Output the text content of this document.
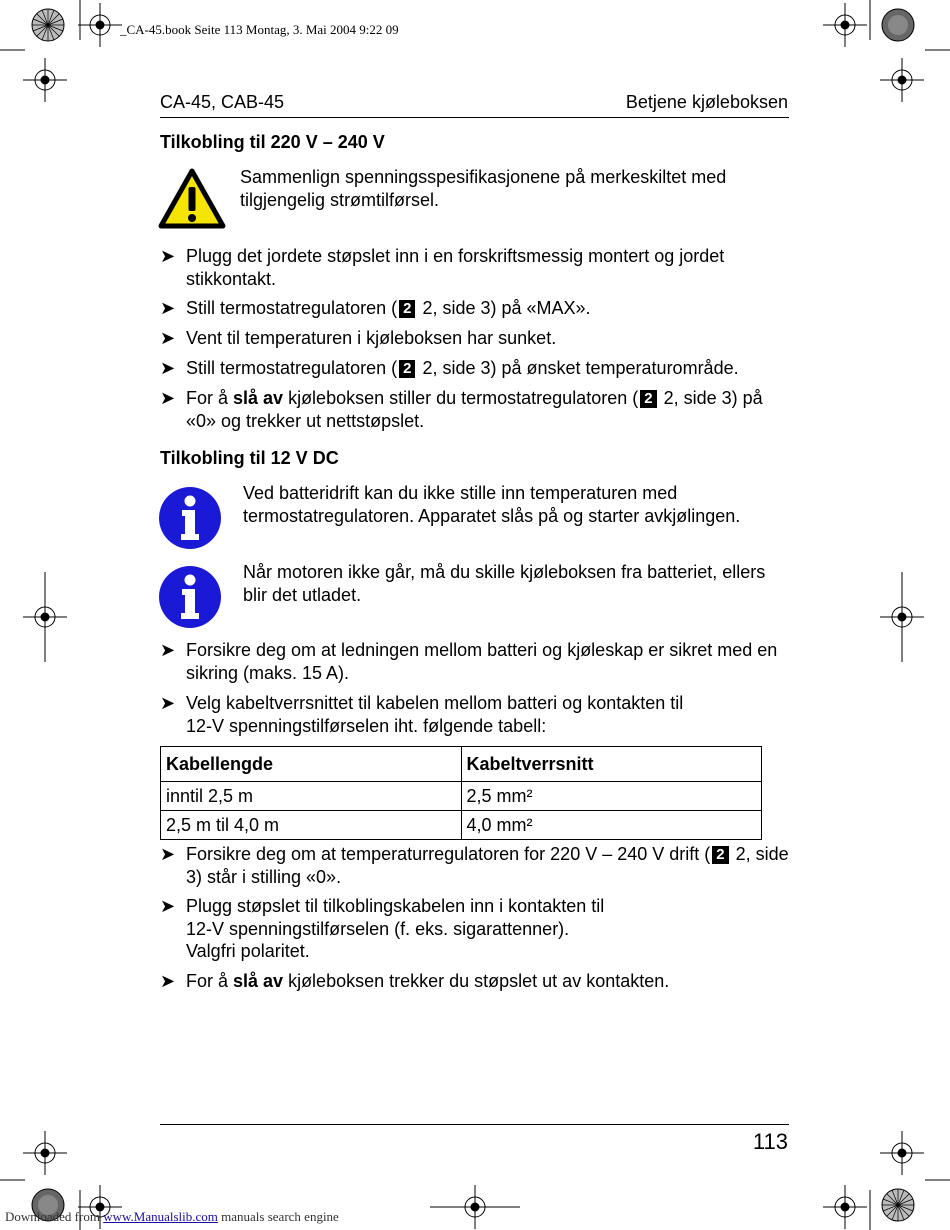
_CA-45.book Seite 113 Montag, 3. Mai 2004 9:22 09
CA-45, CAB-45	Betjene kjøleboksen
Tilkobling til 220 V – 240 V
Sammenlign spenningsspesifikasjonene på merkeskiltet med tilgjengelig strømtilførsel.
➤ Plugg det jordete støpslet inn i en forskriftsmessig montert og jordet stikkontakt.
➤ Still termostatregulatoren ( 2 2, side 3) på «MAX».
➤ Vent til temperaturen i kjøleboksen har sunket.
➤ Still termostatregulatoren ( 2 2, side 3) på ønsket temperaturområde.
➤ For å slå av kjøleboksen stiller du termostatregulatoren ( 2 2, side 3) på «0» og trekker ut nettstøpslet.
Tilkobling til 12 V DC
Ved batteridrift kan du ikke stille inn temperaturen med termostatregulatoren. Apparatet slås på og starter avkjølingen.
Når motoren ikke går, må du skille kjøleboksen fra batteriet, ellers blir det utladet.
➤ Forsikre deg om at ledningen mellom batteri og kjøleskap er sikret med en sikring (maks. 15 A).
➤ Velg kabeltverrsnittet til kabelen mellom batteri og kontakten til
12-V spenningstilførselen iht. følgende tabell:
Kabellengde	Kabeltverrsnitt
inntil 2,5 m	2,5 mm²
2,5 m til 4,0 m	4,0 mm²
➤ Forsikre deg om at temperaturregulatoren for 220 V – 240 V drift ( 2 2, side 3) står i stilling «0».
➤ Plugg støpslet til tilkoblingskabelen inn i kontakten til
12-V spenningstilførselen (f. eks. sigarattenner).
Valgfri polaritet.
➤ For å slå av kjøleboksen trekker du støpslet ut av kontakten.
113
Downloaded from www.Manualslib.com manuals search engine
